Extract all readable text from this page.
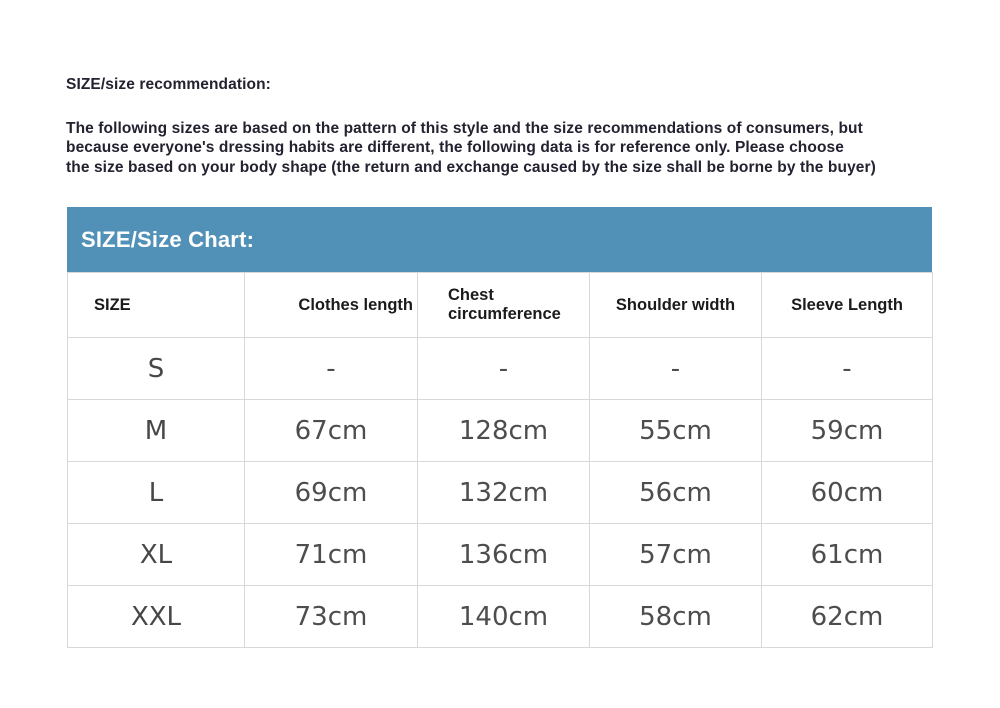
SIZE/size recommendation:
The following sizes are based on the pattern of this style and the size recommendations of consumers, but
because everyone's dressing habits are different, the following data is for reference only. Please choose
the size based on your body shape (the return and exchange caused by the size shall be borne by the buyer)
SIZE/Size Chart:
SIZE	Clothes length	Chest circumference	Shoulder width	Sleeve Length
S	-	-	-	-
M	67cm	128cm	55cm	59cm
L	69cm	132cm	56cm	60cm
XL	71cm	136cm	57cm	61cm
XXL	73cm	140cm	58cm	62cm
